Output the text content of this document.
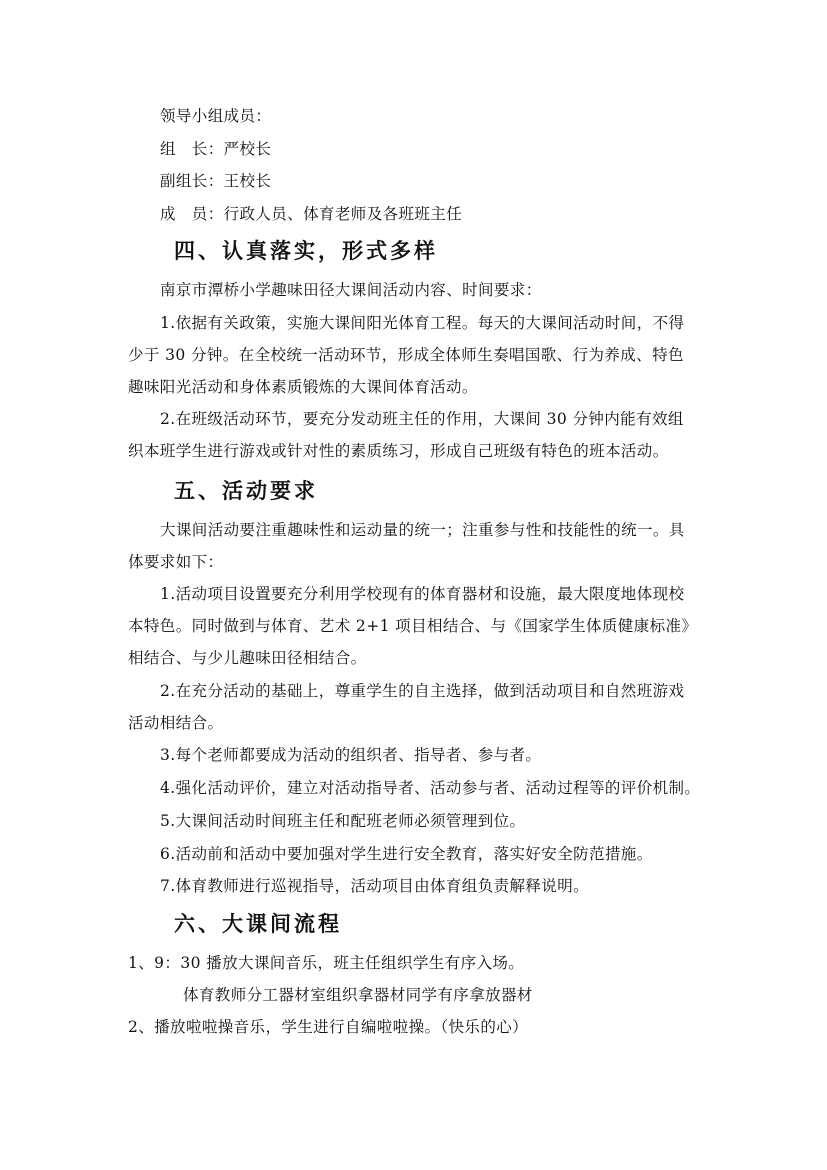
领导小组成员：
组　长：严校长
副组长：王校长
成　员：行政人员、体育老师及各班班主任
四、认真落实，形式多样
南京市潭桥小学趣味田径大课间活动内容、时间要求：
1.依据有关政策，实施大课间阳光体育工程。每天的大课间活动时间，不得
少于 30 分钟。在全校统一活动环节，形成全体师生奏唱国歌、行为养成、特色
趣味阳光活动和身体素质锻炼的大课间体育活动。
2.在班级活动环节，要充分发动班主任的作用，大课间 30 分钟内能有效组
织本班学生进行游戏或针对性的素质练习，形成自己班级有特色的班本活动。
五、活动要求
大课间活动要注重趣味性和运动量的统一；注重参与性和技能性的统一。具
体要求如下：
1.活动项目设置要充分利用学校现有的体育器材和设施，最大限度地体现校
本特色。同时做到与体育、艺术 2+1 项目相结合、与《国家学生体质健康标准》
相结合、与少儿趣味田径相结合。
2.在充分活动的基础上，尊重学生的自主选择，做到活动项目和自然班游戏
活动相结合。
3.每个老师都要成为活动的组织者、指导者、参与者。
4.强化活动评价，建立对活动指导者、活动参与者、活动过程等的评价机制。
5.大课间活动时间班主任和配班老师必须管理到位。
6.活动前和活动中要加强对学生进行安全教育，落实好安全防范措施。
7.体育教师进行巡视指导，活动项目由体育组负责解释说明。
六、大课间流程
1、9：30 播放大课间音乐，班主任组织学生有序入场。
体育教师分工器材室组织拿器材同学有序拿放器材
2、播放啦啦操音乐，学生进行自编啦啦操。（快乐的心）
